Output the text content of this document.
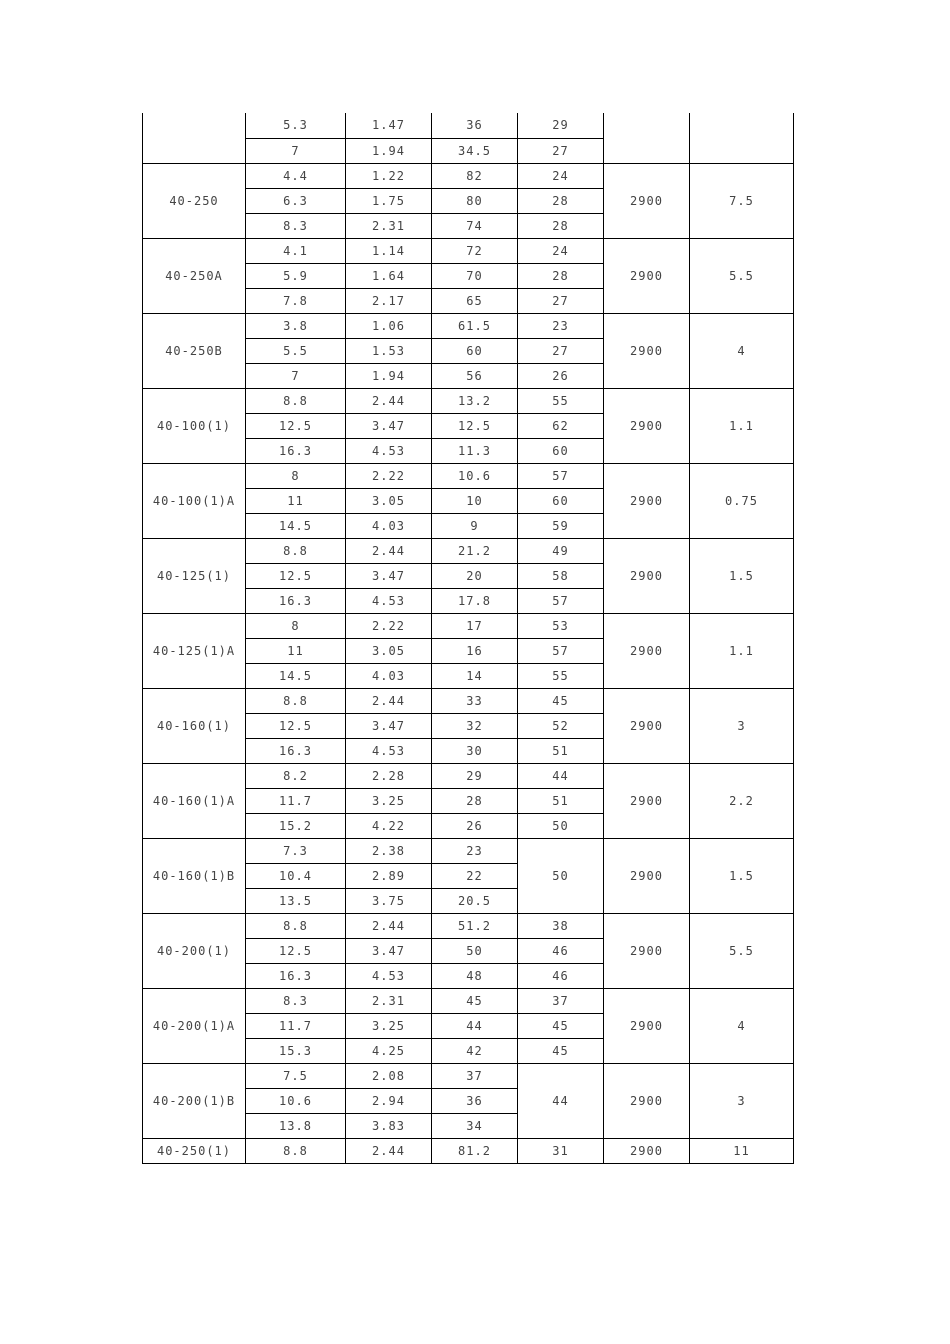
	5.3	1.47	36	29		
	7	1.94	34.5	27		
40-250	4.4	1.22	82	24	2900	7.5
	6.3	1.75	80	28		
	8.3	2.31	74	28		
40-250A	4.1	1.14	72	24	2900	5.5
	5.9	1.64	70	28		
	7.8	2.17	65	27		
40-250B	3.8	1.06	61.5	23	2900	4
	5.5	1.53	60	27		
	7	1.94	56	26		
40-100(1)	8.8	2.44	13.2	55	2900	1.1
	12.5	3.47	12.5	62		
	16.3	4.53	11.3	60		
40-100(1)A	8	2.22	10.6	57	2900	0.75
	11	3.05	10	60		
	14.5	4.03	9	59		
40-125(1)	8.8	2.44	21.2	49	2900	1.5
	12.5	3.47	20	58		
	16.3	4.53	17.8	57		
40-125(1)A	8	2.22	17	53	2900	1.1
	11	3.05	16	57		
	14.5	4.03	14	55		
40-160(1)	8.8	2.44	33	45	2900	3
	12.5	3.47	32	52		
	16.3	4.53	30	51		
40-160(1)A	8.2	2.28	29	44	2900	2.2
	11.7	3.25	28	51		
	15.2	4.22	26	50		
40-160(1)B	7.3	2.38	23	50	2900	1.5
	10.4	2.89	22			
	13.5	3.75	20.5			
40-200(1)	8.8	2.44	51.2	38	2900	5.5
	12.5	3.47	50	46		
	16.3	4.53	48	46		
40-200(1)A	8.3	2.31	45	37	2900	4
	11.7	3.25	44	45		
	15.3	4.25	42	45		
40-200(1)B	7.5	2.08	37	44	2900	3
	10.6	2.94	36			
	13.8	3.83	34			
40-250(1)	8.8	2.44	81.2	31	2900	11
